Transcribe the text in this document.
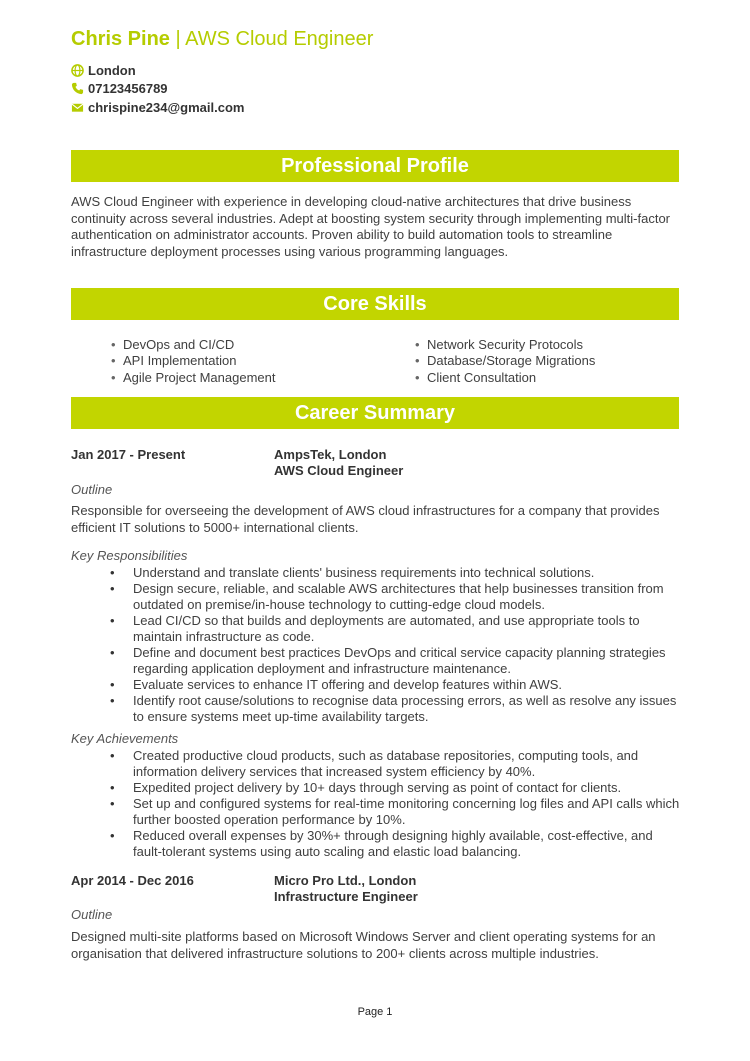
Chris Pine | AWS Cloud Engineer
London
07123456789
chrispine234@gmail.com
Professional Profile

AWS Cloud Engineer with experience in developing cloud-native architectures that drive business continuity across several industries. Adept at boosting system security through implementing multi-factor authentication on administrator accounts. Proven ability to build automation tools to streamline infrastructure deployment processes using various programming languages.

Core Skills
• DevOps and CI/CD
• API Implementation
• Agile Project Management
• Network Security Protocols
• Database/Storage Migrations
• Client Consultation
Career Summary
Jan 2017 - Present	AmpsTek, London
AWS Cloud Engineer
Outline

Responsible for overseeing the development of AWS cloud infrastructures for a company that provides efficient IT solutions to 5000+ international clients.

Key Responsibilities
• Understand and translate clients' business requirements into technical solutions.
• Design secure, reliable, and scalable AWS architectures that help businesses transition from outdated on premise/in-house technology to cutting-edge cloud models.
• Lead CI/CD so that builds and deployments are automated, and use appropriate tools to maintain infrastructure as code.
• Define and document best practices DevOps and critical service capacity planning strategies regarding application deployment and infrastructure maintenance.
• Evaluate services to enhance IT offering and develop features within AWS.
• Identify root cause/solutions to recognise data processing errors, as well as resolve any issues to ensure systems meet up-time availability targets.
Key Achievements
• Created productive cloud products, such as database repositories, computing tools, and information delivery services that increased system efficiency by 40%.
• Expedited project delivery by 10+ days through serving as point of contact for clients.
• Set up and configured systems for real-time monitoring concerning log files and API calls which further boosted operation performance by 10%.
• Reduced overall expenses by 30%+ through designing highly available, cost-effective, and fault-tolerant systems using auto scaling and elastic load balancing.
Apr 2014 - Dec 2016	Micro Pro Ltd., London
Infrastructure Engineer
Outline

Designed multi-site platforms based on Microsoft Windows Server and client operating systems for an organisation that delivered infrastructure solutions to 200+ clients across multiple industries.

Page 1
